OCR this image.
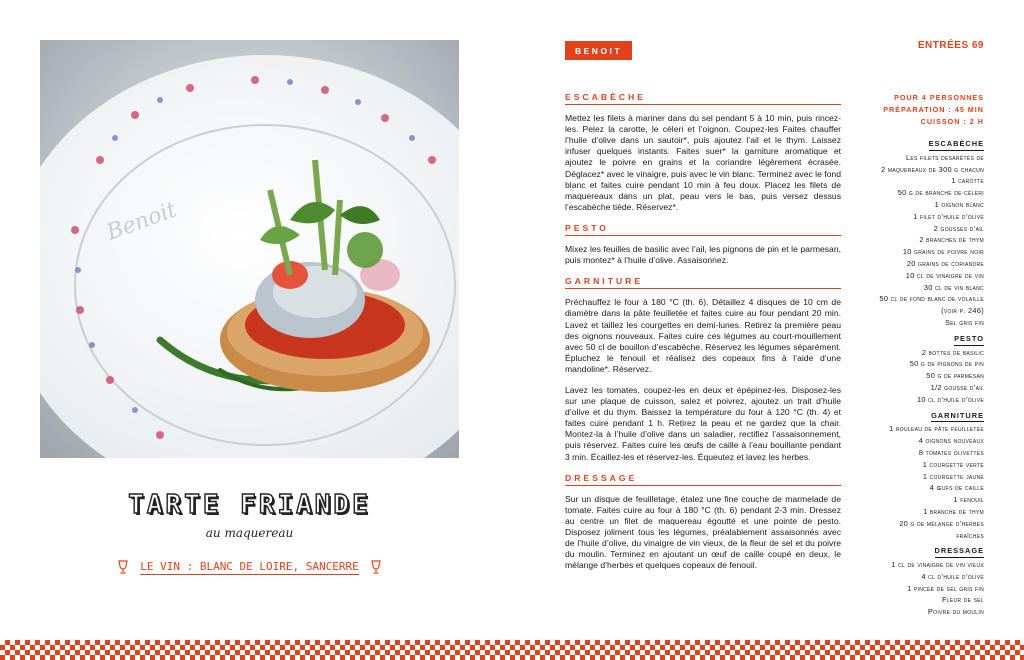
Benoit
TARTE FRIANDE
au maquereau
LE VIN : BLANC DE LOIRE, SANCERRE
BENOIT	ENTRÉES 69
ESCABÈCHE

Mettez les filets à mariner dans du sel pendant 5 à 10 min, puis rincez-les. Pelez la carotte, le céleri et l’oignon. Coupez-les Faites chauffer l’huile d’olive dans un sautoir*, puis ajoutez l’ail et le thym. Laissez infuser quelques instants. Faites suer* la garniture aromatique et ajoutez le poivre en grains et la coriandre légèrement écrasée. Déglacez* avec le vinaigre, puis avec le vin blanc. Terminez avec le fond blanc et faites cuire pendant 10 min à feu doux. Placez les filets de maquereaux dans un plat, peau vers le bas, puis versez dessus l’escabèche tiède. Réservez*.

PESTO

Mixez les feuilles de basilic avec l’ail, les pignons de pin et le parmesan, puis montez* à l’huile d’olive. Assaisonnez.

GARNITURE

Préchauffez le four à 180 °C (th. 6). Détaillez 4 disques de 10 cm de diamètre dans la pâte feuilletée et faites cuire au four pendant 20 min. Lavez et taillez les courgettes en demi-lunes. Retirez la première peau des oignons nouveaux. Faites cuire ces légumes au court-mouillement avec 50 cl de bouillon d’escabèche. Réservez les légumes séparément. Épluchez le fenouil et réalisez des copeaux fins à l’aide d’une mandoline*. Réservez.

Lavez les tomates, coupez-les en deux et épépinez-les. Disposez-les sur une plaque de cuisson, salez et poivrez, ajoutez un trait d’huile d’olive et du thym. Baissez la température du four à 120 °C (th. 4) et faites cuire pendant 1 h. Retirez la peau et ne gardez que la chair. Montez-la à l’huile d’olive dans un saladier, rectifiez l’assaisonnement, puis réservez. Faites cuire les œufs de caille à l’eau bouillante pendant 3 min. Écaillez-les et réservez-les. Équeutez et lavez les herbes.

DRESSAGE

Sur un disque de feuilletage, étalez une fine couche de marmelade de tomate. Faites cuire au four à 180 °C (th. 6) pendant 2-3 min. Dressez au centre un filet de maquereau égoutté et une pointe de pesto. Disposez joliment tous les légumes, préalablement assaisonnés avec de l’huile d’olive, du vinaigre de vin vieux, de la fleur de sel et du poivre du moulin. Terminez en ajoutant un œuf de caille coupé en deux, le mélange d’herbes et quelques copeaux de fenouil.

POUR 4 PERSONNES
PRÉPARATION : 45 MIN
CUISSON : 2 H
ESCABÈCHE
Les filets désarêtés de
2 maquereaux de 300 g chacun
1 carotte
50 g de branche de céleri
1 oignon blanc
1 filet d’huile d’olive
2 gousses d’ail
2 branches de thym
10 grains de poivre noir
20 grains de coriandre
10 cl de vinaigre de vin
30 cl de vin blanc
50 cl de fond blanc de volaille
(voir p. 246)
Sel gris fin
PESTO
2 bottes de basilic
50 g de pignons de pin
50 g de parmesan
1/2 gousse d’ail
10 cl d’huile d’olive
GARNITURE
1 rouleau de pâte feuilletée
4 oignons nouveaux
8 tomates olivettes
1 courgette verte
1 courgette jaune
4 œufs de caille
1 fenouil
1 branche de thym
20 g de mélange d’herbes
fraîches
DRESSAGE
1 cl de vinaigre de vin vieux
4 cl d’huile d’olive
1 pincée de sel gris fin
Fleur de sel
Poivre du moulin
